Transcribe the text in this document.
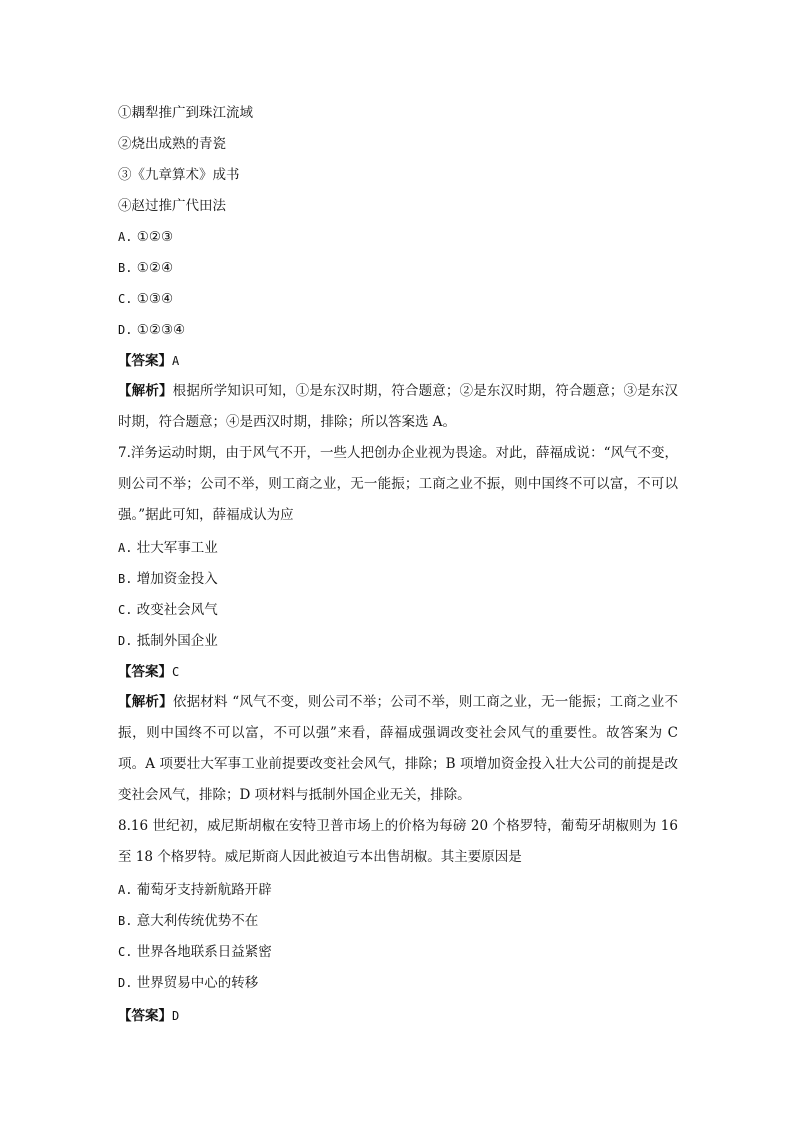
①耦犁推广到珠江流域
②烧出成熟的青瓷
③《九章算术》成书
④赵过推广代田法
A. ①②③
B. ①②④
C. ①③④
D. ①②③④
【答案】A
【解析】根据所学知识可知，①是东汉时期，符合题意；②是东汉时期，符合题意；③是东汉时期，符合题意；④是西汉时期，排除；所以答案选 A。
7.洋务运动时期，由于风气不开，一些人把创办企业视为畏途。对此，薛福成说：“风气不变，则公司不举；公司不举，则工商之业，无一能振；工商之业不振，则中国终不可以富，不可以强。”据此可知，薛福成认为应
A. 壮大军事工业
B. 增加资金投入
C. 改变社会风气
D. 抵制外国企业
【答案】C
【解析】依据材料 “风气不变，则公司不举；公司不举，则工商之业，无一能振；工商之业不振，则中国终不可以富，不可以强”来看，薛福成强调改变社会风气的重要性。故答案为 C 项。A 项要壮大军事工业前提要改变社会风气，排除；B 项增加资金投入壮大公司的前提是改变社会风气，排除；D 项材料与抵制外国企业无关，排除。
8.16 世纪初，威尼斯胡椒在安特卫普市场上的价格为每磅 20 个格罗特，葡萄牙胡椒则为 16 至 18 个格罗特。威尼斯商人因此被迫亏本出售胡椒。其主要原因是
A. 葡萄牙支持新航路开辟
B. 意大利传统优势不在
C. 世界各地联系日益紧密
D. 世界贸易中心的转移
【答案】D
